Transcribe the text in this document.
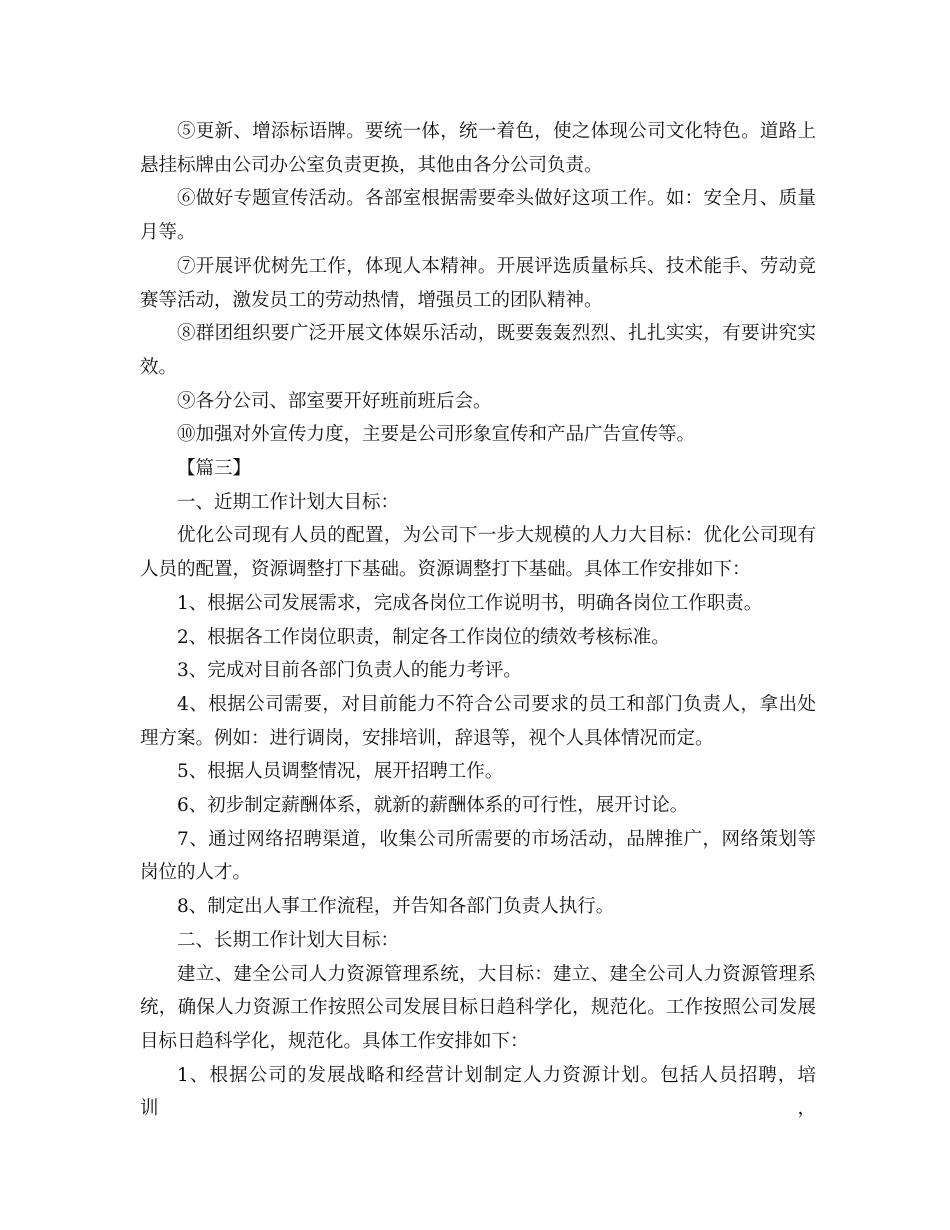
⑤更新、增添标语牌。要统一体，统一着色，使之体现公司文化特色。道路上悬挂标牌由公司办公室负责更换，其他由各分公司负责。

⑥做好专题宣传活动。各部室根据需要牵头做好这项工作。如：安全月、质量月等。

⑦开展评优树先工作，体现人本精神。开展评选质量标兵、技术能手、劳动竞赛等活动，激发员工的劳动热情，增强员工的团队精神。

⑧群团组织要广泛开展文体娱乐活动，既要轰轰烈烈、扎扎实实，有要讲究实效。

⑨各分公司、部室要开好班前班后会。

⑩加强对外宣传力度，主要是公司形象宣传和产品广告宣传等。

【篇三】

一、近期工作计划大目标：

优化公司现有人员的配置，为公司下一步大规模的人力大目标：优化公司现有人员的配置，资源调整打下基础。资源调整打下基础。具体工作安排如下：

1、根据公司发展需求，完成各岗位工作说明书，明确各岗位工作职责。

2、根据各工作岗位职责，制定各工作岗位的绩效考核标准。

3、完成对目前各部门负责人的能力考评。

4、根据公司需要，对目前能力不符合公司要求的员工和部门负责人，拿出处理方案。例如：进行调岗，安排培训，辞退等，视个人具体情况而定。

5、根据人员调整情况，展开招聘工作。

6、初步制定薪酬体系，就新的薪酬体系的可行性，展开讨论。

7、通过网络招聘渠道，收集公司所需要的市场活动，品牌推广，网络策划等岗位的人才。

8、制定出人事工作流程，并告知各部门负责人执行。

二、长期工作计划大目标：

建立、建全公司人力资源管理系统，大目标：建立、建全公司人力资源管理系统，确保人力资源工作按照公司发展目标日趋科学化，规范化。工作按照公司发展目标日趋科学化，规范化。具体工作安排如下：

1、根据公司的发展战略和经营计划制定人力资源计划。包括人员招聘，培训，
